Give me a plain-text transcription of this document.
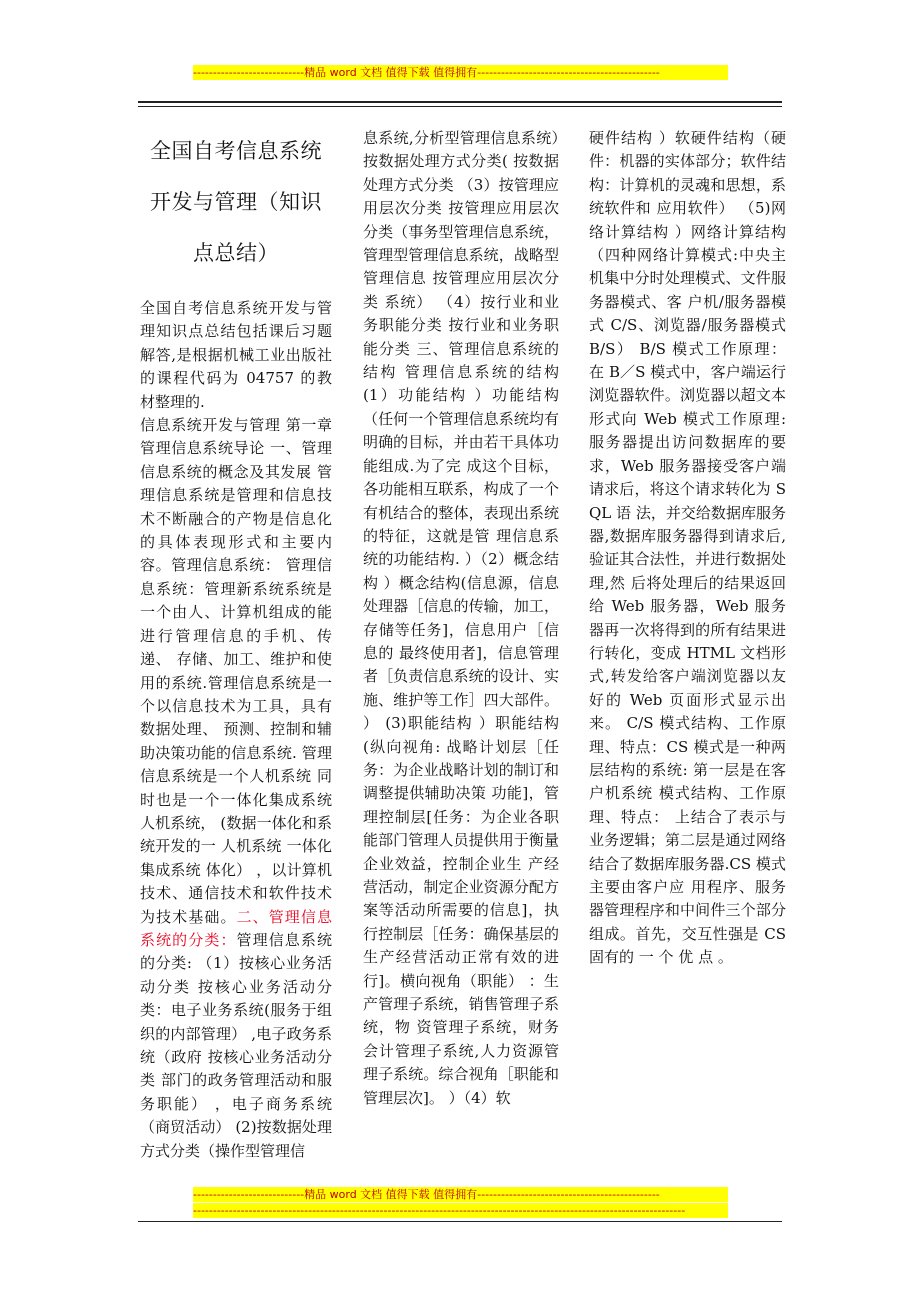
----------------------------精品 word 文档 值得下载 值得拥有----------------------------------------------
全国自考信息系统开发与管理（知识点总结）

全国自考信息系统开发与管理知识点总结包括课后习题解答,是根据机械工业出版社的课程代码为 04757 的教材整理的.

信息系统开发与管理 第一章 管理信息系统导论 一、管理信息系统的概念及其发展 管理信息系统是管理和信息技术不断融合的产物是信息化的具体表现形式和主要内容。管理信息系统： 管理信息系统：管理新系统系统是一个由人、计算机组成的能进行管理信息的手机、传递、 存储、加工、维护和使用的系统.管理信息系统是一个以信息技术为工具，具有数据处理、 预测、控制和辅助决策功能的信息系统. 管理信息系统是一个人机系统 同时也是一个一体化集成系统 人机系统， (数据一体化和系统开发的一 人机系统 一体化集成系统 体化） ，以计算机技术、通信技术和软件技术为技术基础。二、管理信息系统的分类：管理信息系统的分类: （1）按核心业务活动分类 按核心业务活动分类：电子业务系统(服务于组织的内部管理） ,电子政务系统（政府 按核心业务活动分类 部门的政务管理活动和服务职能） ，电子商务系统（商贸活动） (2)按数据处理方式分类（操作型管理信

息系统,分析型管理信息系统）按数据处理方式分类( 按数据处理方式分类 （3）按管理应用层次分类 按管理应用层次分类（事务型管理信息系统，管理型管理信息系统，战略型管理信息 按管理应用层次分类 系统） （4）按行业和业务职能分类 按行业和业务职能分类 三、管理信息系统的结构 管理信息系统的结构 (1）功能结构 ）功能结构（任何一个管理信息系统均有明确的目标，并由若干具体功能组成.为了完 成这个目标，各功能相互联系，构成了一个有机结合的整体，表现出系统的特征，这就是管 理信息系统的功能结构. ）（2）概念结构 ）概念结构(信息源，信息处理器［信息的传输，加工，存储等任务]，信息用户［信息的 最终使用者]，信息管理者［负责信息系统的设计、实施、维护等工作］四大部件。 ） (3)职能结构 ）职能结构(纵向视角: 战略计划层［任务：为企业战略计划的制订和调整提供辅助决策 功能]，管理控制层[任务：为企业各职能部门管理人员提供用于衡量企业效益，控制企业生 产经营活动，制定企业资源分配方案等活动所需要的信息]，执行控制层［任务：确保基层的生产经营活动正常有效的进行]。横向视角（职能） ：生产管理子系统，销售管理子系统，物 资管理子系统，财务会计管理子系统,人力资源管理子系统。综合视角［职能和管理层次]。 ）（4）软

硬件结构 ）软硬件结构（硬件：机器的实体部分；软件结构：计算机的灵魂和思想，系统软件和 应用软件） （5)网络计算结构 ）网络计算结构（四种网络计算模式:中央主机集中分时处理模式、文件服务器模式、客 户机/服务器模式 C/S、浏览器/服务器模式 B/S） B/S 模式工作原理：在 B／S 模式中，客户端运行浏览器软件。浏览器以超文本形式向 Web 模式工作原理: 服务器提出访问数据库的要求，Web 服务器接受客户端请求后，将这个请求转化为 SQL 语 法，并交给数据库服务器,数据库服务器得到请求后,验证其合法性，并进行数据处理,然 后将处理后的结果返回给 Web 服务器，Web 服务器再一次将得到的所有结果进行转化，变成 HTML 文档形式,转发给客户端浏览器以友好的 Web 页面形式显示出来。 C/S 模式结构、工作原理、特点：CS 模式是一种两层结构的系统: 第一层是在客户机系统 模式结构、工作原理、特点： 上结合了表示与业务逻辑；第二层是通过网络结合了数据库服务器.CS 模式主要由客户应 用程序、服务器管理程序和中间件三个部分组成。首先，交互性强是 CS 固有的 一 个 优 点 。

----------------------------精品 word 文档 值得下载 值得拥有----------------------------------------------
----------------------------------------------------------------------------------------------------------------------------
